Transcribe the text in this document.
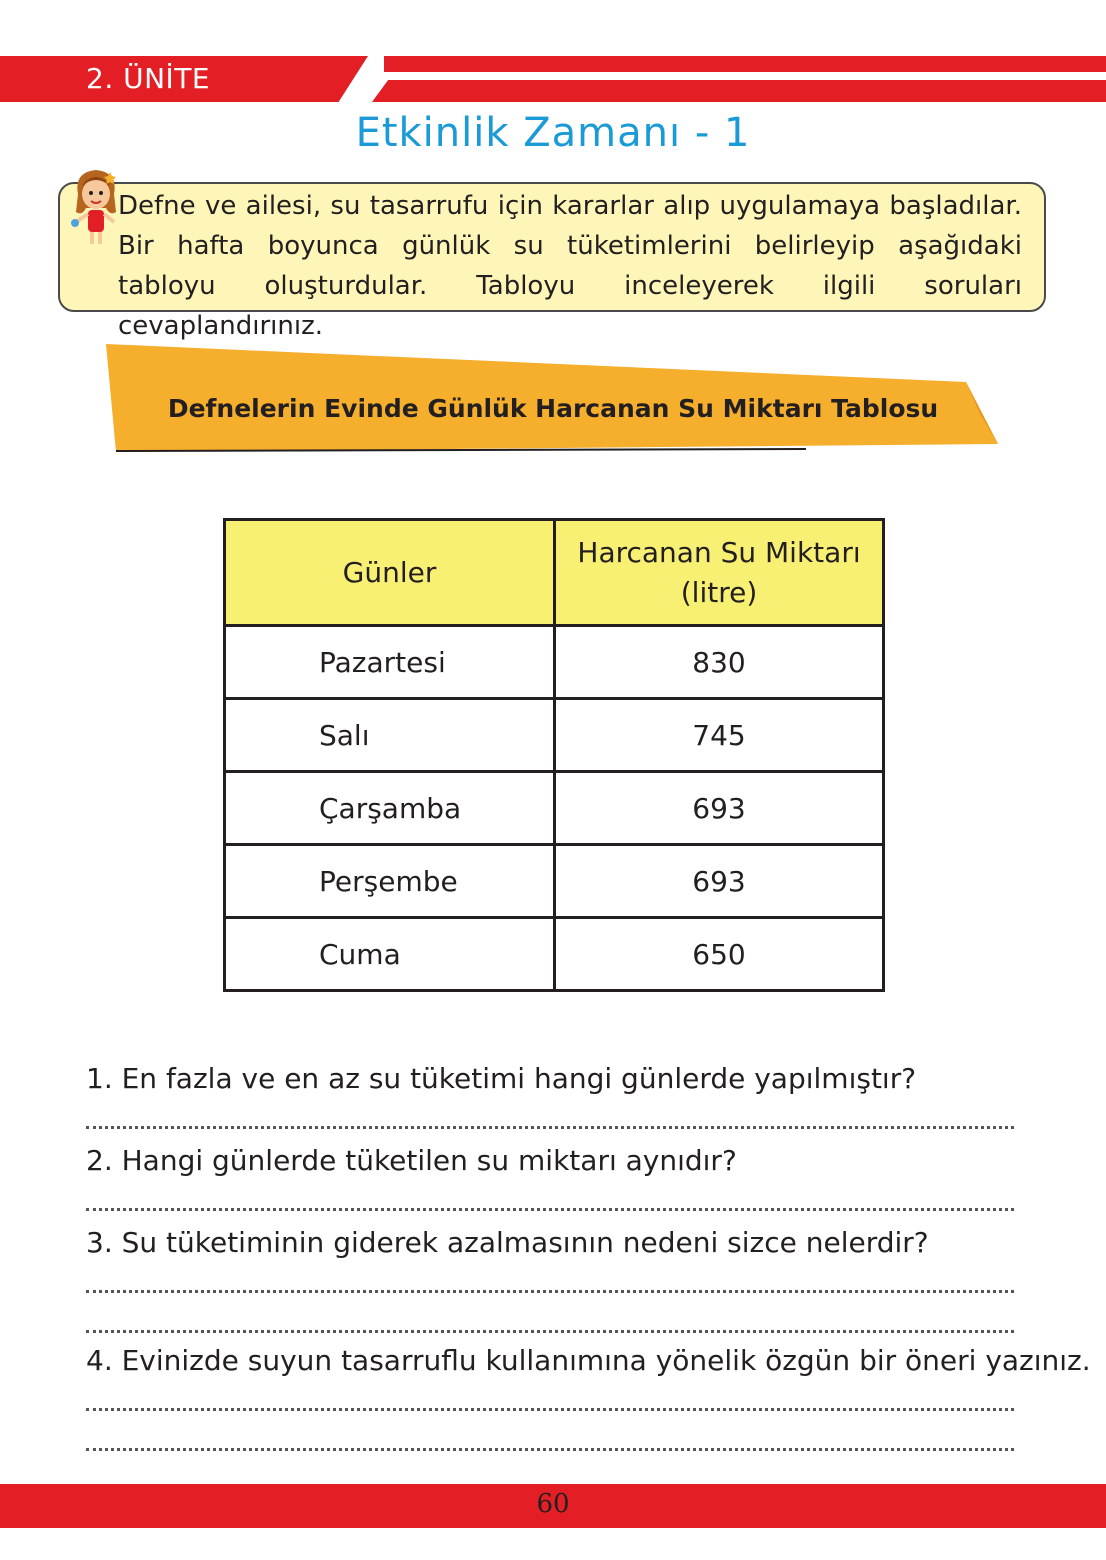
2. ÜNİTE
Etkinlik Zamanı - 1
Defne ve ailesi, su tasarrufu için kararlar alıp uygulamaya başladılar. Bir hafta boyunca günlük su tüketimlerini belirleyip aşağıdaki tabloyu oluşturdular. Tabloyu inceleyerek ilgili soruları cevaplandırınız.
Defnelerin Evinde Günlük Harcanan Su Miktarı Tablosu
Günler	Harcanan Su Miktarı
(litre)

Pazartesi	830
Salı	745
Çarşamba	693
Perşembe	693
Cuma	650
1. En fazla ve en az su tüketimi hangi günlerde yapılmıştır?
2. Hangi günlerde tüketilen su miktarı aynıdır?
3. Su tüketiminin giderek azalmasının nedeni sizce nelerdir?
4. Evinizde suyun tasarruflu kullanımına yönelik özgün bir öneri yazınız.
60
